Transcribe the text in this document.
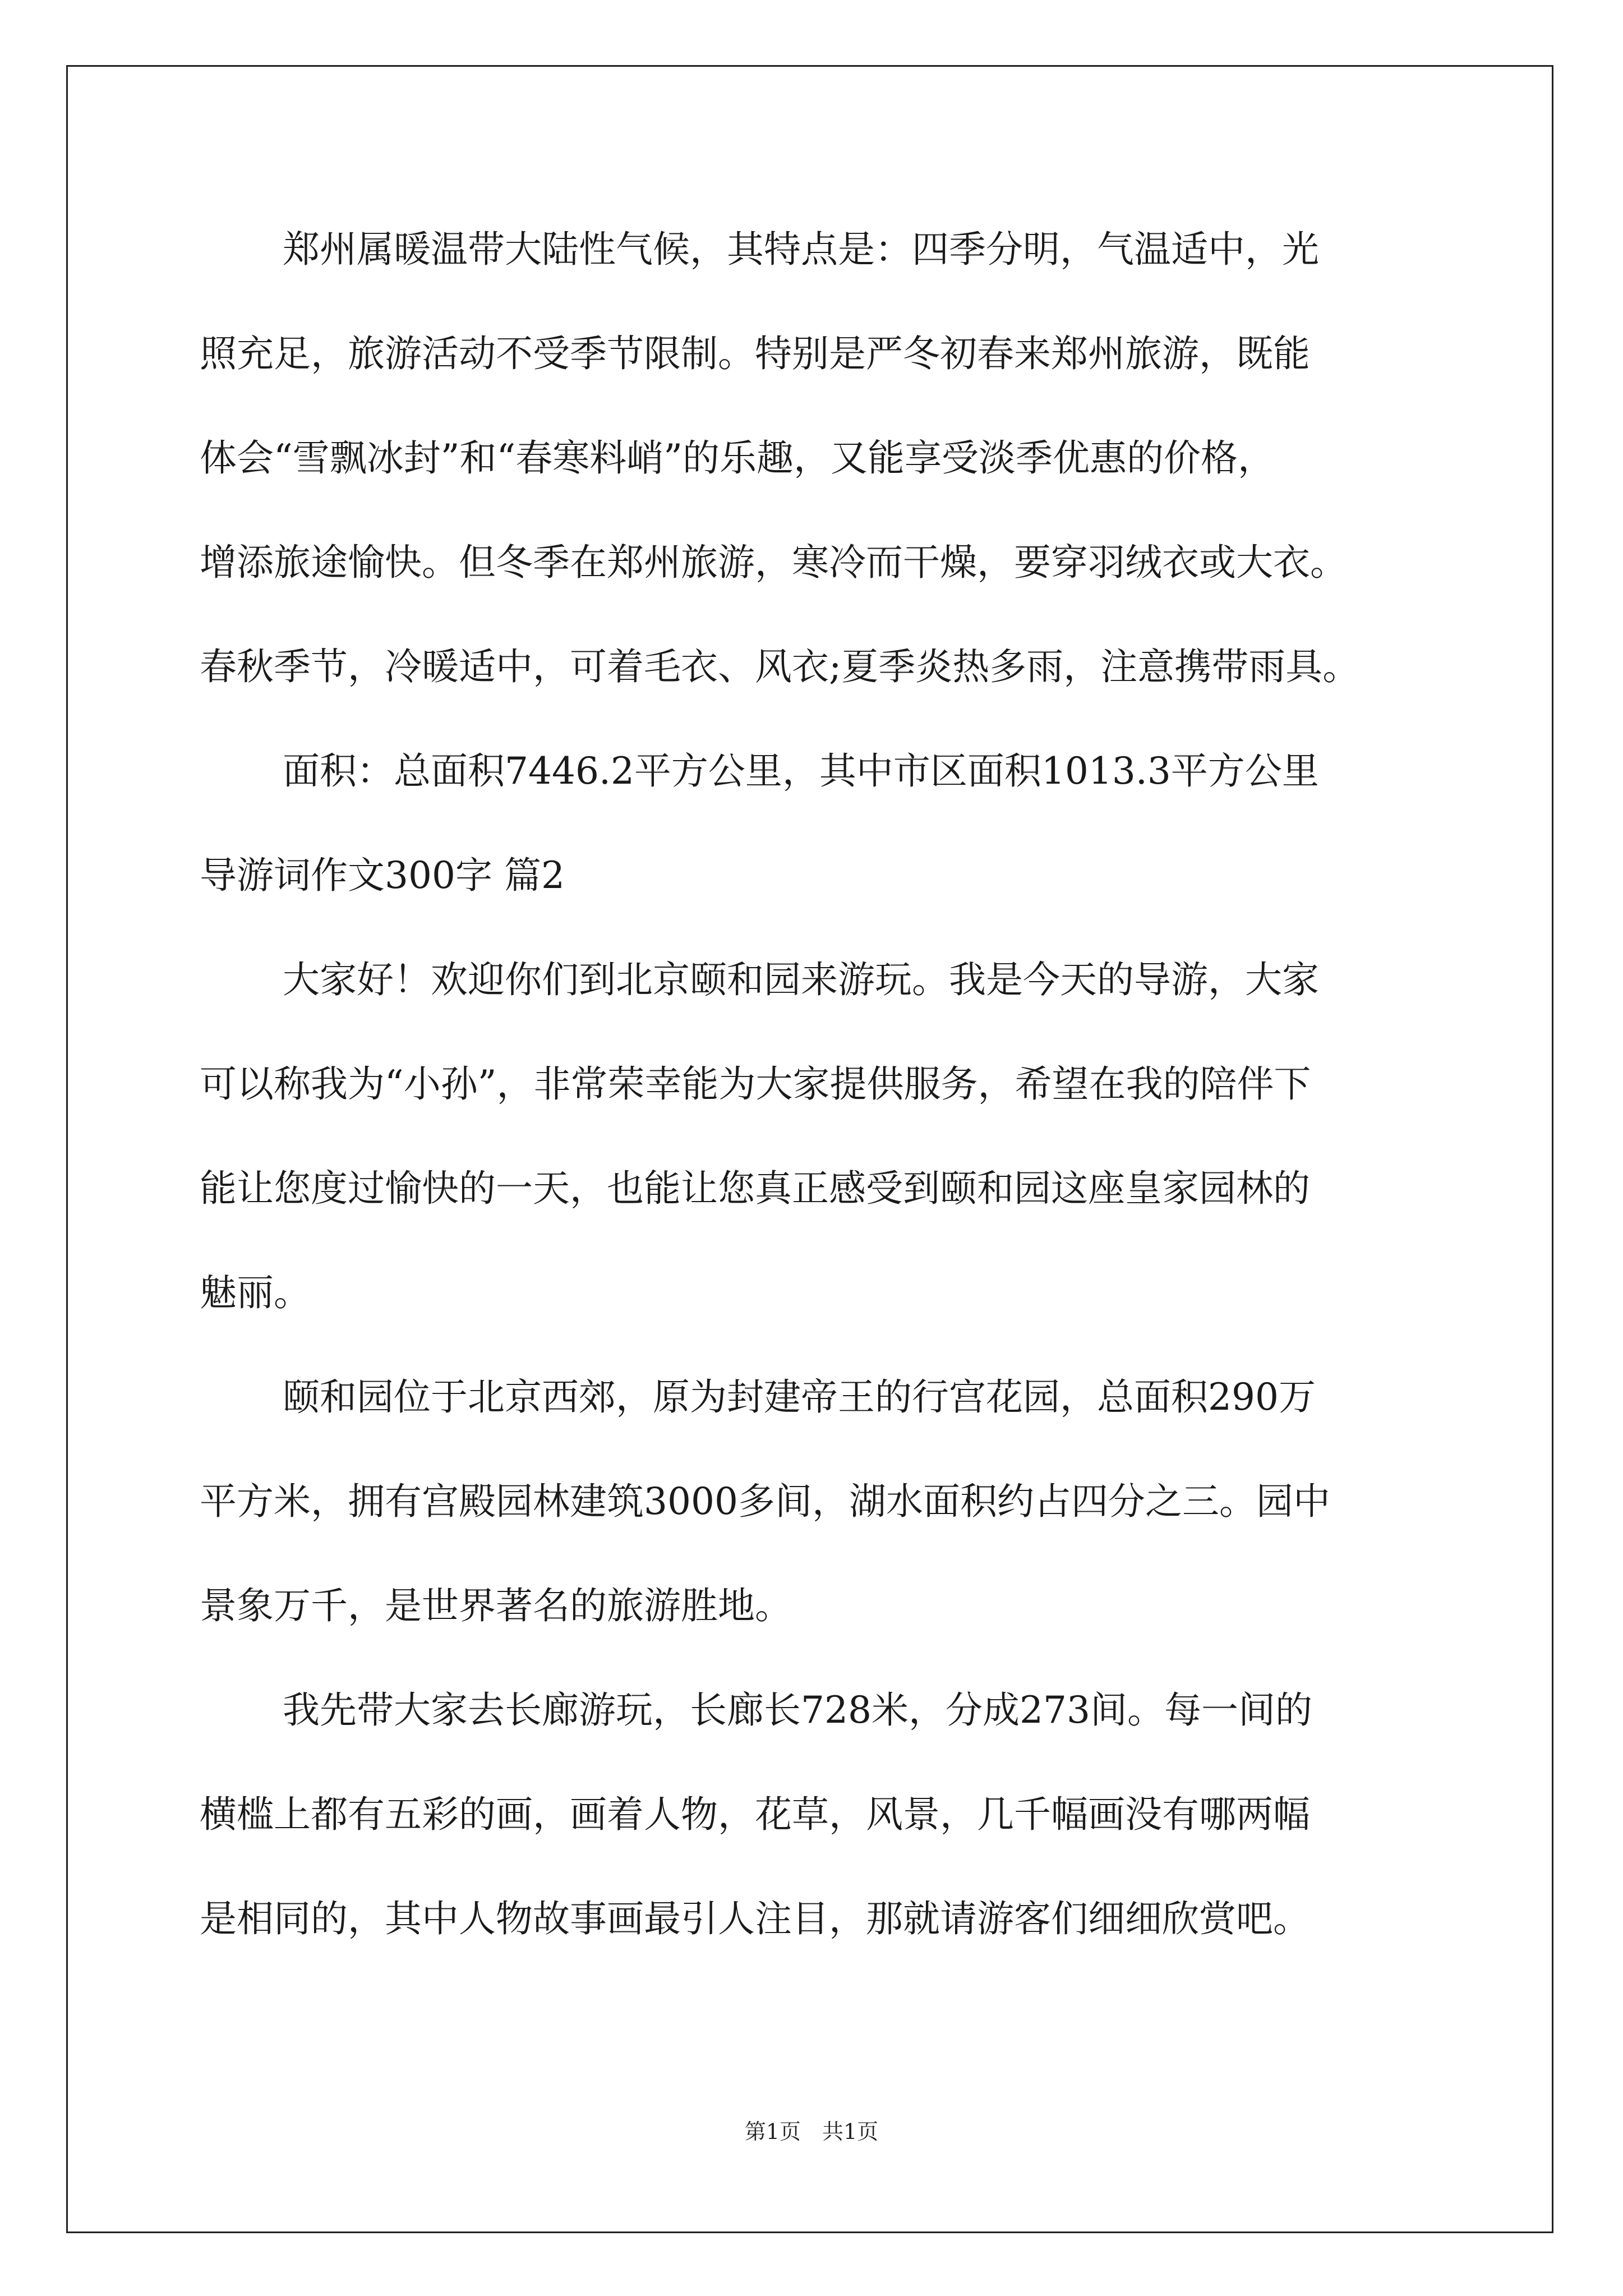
郑州属暖温带大陆性气候，其特点是：四季分明，气温适中，光
照充足，旅游活动不受季节限制。特别是严冬初春来郑州旅游，既能
体会“雪飘冰封”和“春寒料峭”的乐趣，又能享受淡季优惠的价格，
增添旅途愉快。但冬季在郑州旅游，寒冷而干燥，要穿羽绒衣或大衣。
春秋季节，冷暖适中，可着毛衣、风衣;夏季炎热多雨，注意携带雨具。
面积：总面积7446.2平方公里，其中市区面积1013.3平方公里
导游词作文300字 篇2
大家好！欢迎你们到北京颐和园来游玩。我是今天的导游，大家
可以称我为“小孙”，非常荣幸能为大家提供服务，希望在我的陪伴下
能让您度过愉快的一天，也能让您真正感受到颐和园这座皇家园林的
魅丽。
颐和园位于北京西郊，原为封建帝王的行宫花园，总面积290万
平方米，拥有宫殿园林建筑3000多间，湖水面积约占四分之三。园中
景象万千，是世界著名的旅游胜地。
我先带大家去长廊游玩，长廊长728米，分成273间。每一间的
横槛上都有五彩的画，画着人物，花草，风景，几千幅画没有哪两幅
是相同的，其中人物故事画最引人注目，那就请游客们细细欣赏吧。
第1页　共1页
